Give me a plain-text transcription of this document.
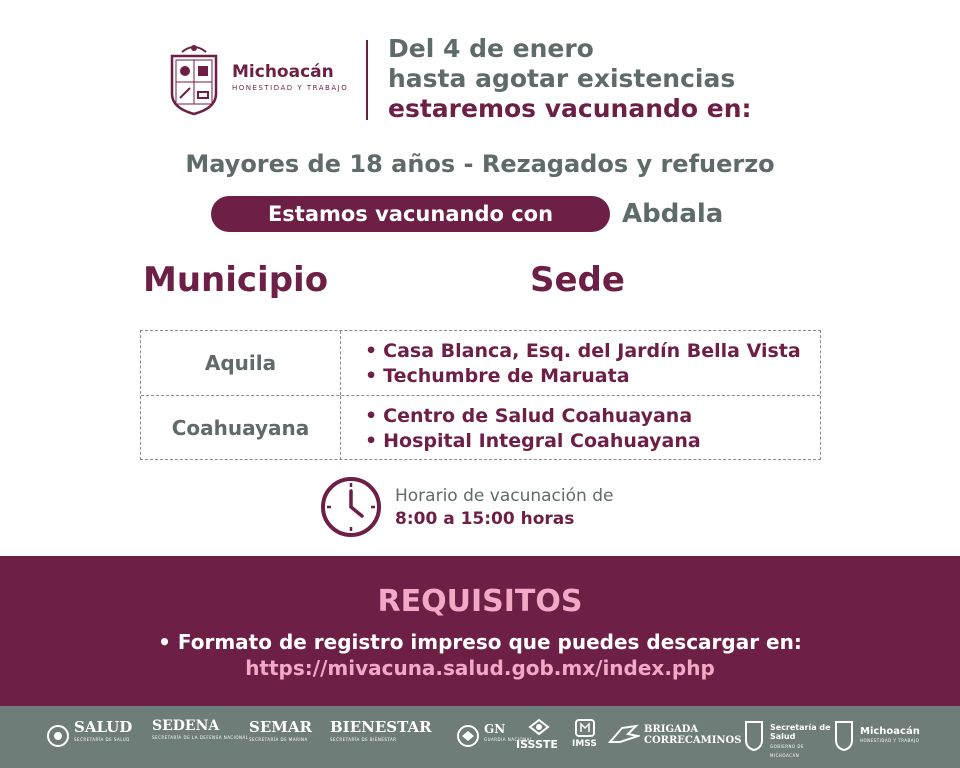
Michoacán
HONESTIDAD Y TRABAJO
Del 4 de enero
hasta agotar existencias
estaremos vacunando en:
Mayores de 18 años - Rezagados y refuerzo
Estamos vacunando con	Abdala
Municipio	Sede
Aquila	• Casa Blanca, Esq. del Jardín Bella Vista
• Techumbre de Maruata
Coahuayana	• Centro de Salud Coahuayana
• Hospital Integral Coahuayana
Horario de vacunación de
8:00 a 15:00 horas
REQUISITOS
• Formato de registro impreso que puedes descargar en:
https://mivacuna.salud.gob.mx/index.php
SALUD
SECRETARÍA DE SALUD
SEDENA
SECRETARÍA DE LA DEFENSA NACIONAL
SEMAR
SECRETARÍA DE MARINA
BIENESTAR
SECRETARÍA DE BIENESTAR
GN
GUARDIA NACIONAL
ISSSTE IMSS
BRIGADA CORRECAMINOS
Secretaría de Salud
GOBIERNO DE MICHOACÁN
Michoacán
HONESTIDAD Y TRABAJO
